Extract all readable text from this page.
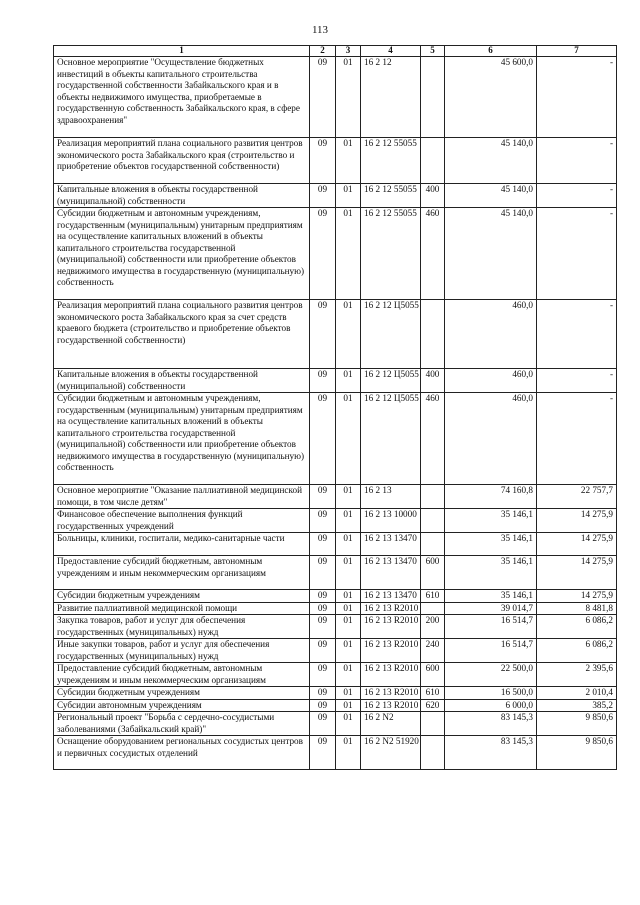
113
1	2	3	4	5	6	7
Основное мероприятие "Осуществление бюджетных инвестиций в объекты капитального строительства государственной собственности Забайкальского края и в объекты недвижимого имущества, приобретаемые в государственную собственность Забайкальского края, в сфере здравоохранения"	09	01	16 2 12		45 600,0	-
Реализация мероприятий плана социального развития центров экономического роста Забайкальского края (строительство и приобретение объектов государственной собственности)	09	01	16 2 12 55055		45 140,0	-
Капитальные вложения в объекты государственной (муниципальной) собственности	09	01	16 2 12 55055	400	45 140,0	-
Субсидии бюджетным и автономным учреждениям, государственным (муниципальным) унитарным предприятиям на осуществление капитальных вложений в объекты капитального строительства государственной (муниципальной) собственности или приобретение объектов недвижимого имущества в государственную (муниципальную) собственность	09	01	16 2 12 55055	460	45 140,0	-
Реализация мероприятий плана социального развития центров экономического роста Забайкальского края за счет средств краевого бюджета (строительство и приобретение объектов государственной собственности)	09	01	16 2 12 Ц5055		460,0	-
Капитальные вложения в объекты государственной (муниципальной) собственности	09	01	16 2 12 Ц5055	400	460,0	-
Субсидии бюджетным и автономным учреждениям, государственным (муниципальным) унитарным предприятиям на осуществление капитальных вложений в объекты капитального строительства государственной (муниципальной) собственности или приобретение объектов недвижимого имущества в государственную (муниципальную) собственность	09	01	16 2 12 Ц5055	460	460,0	-
Основное мероприятие "Оказание паллиативной медицинской помощи, в том числе детям"	09	01	16 2 13		74 160,8	22 757,7
Финансовое обеспечение выполнения функций государственных учреждений	09	01	16 2 13 10000		35 146,1	14 275,9
Больницы, клиники, госпитали, медико-санитарные части	09	01	16 2 13 13470		35 146,1	14 275,9
Предоставление субсидий бюджетным, автономным учреждениям и иным некоммерческим организациям	09	01	16 2 13 13470	600	35 146,1	14 275,9
Субсидии бюджетным учреждениям	09	01	16 2 13 13470	610	35 146,1	14 275,9
Развитие паллиативной медицинской помощи	09	01	16 2 13 R2010		39 014,7	8 481,8
Закупка товаров, работ и услуг для обеспечения государственных (муниципальных) нужд	09	01	16 2 13 R2010	200	16 514,7	6 086,2
Иные закупки товаров, работ и услуг для обеспечения государственных (муниципальных) нужд	09	01	16 2 13 R2010	240	16 514,7	6 086,2
Предоставление субсидий бюджетным, автономным учреждениям и иным некоммерческим организациям	09	01	16 2 13 R2010	600	22 500,0	2 395,6
Субсидии бюджетным учреждениям	09	01	16 2 13 R2010	610	16 500,0	2 010,4
Субсидии автономным учреждениям	09	01	16 2 13 R2010	620	6 000,0	385,2
Региональный проект "Борьба с сердечно-сосудистыми заболеваниями (Забайкальский край)"	09	01	16 2 N2		83 145,3	9 850,6
Оснащение оборудованием региональных сосудистых центров и первичных сосудистых отделений	09	01	16 2 N2 51920		83 145,3	9 850,6
